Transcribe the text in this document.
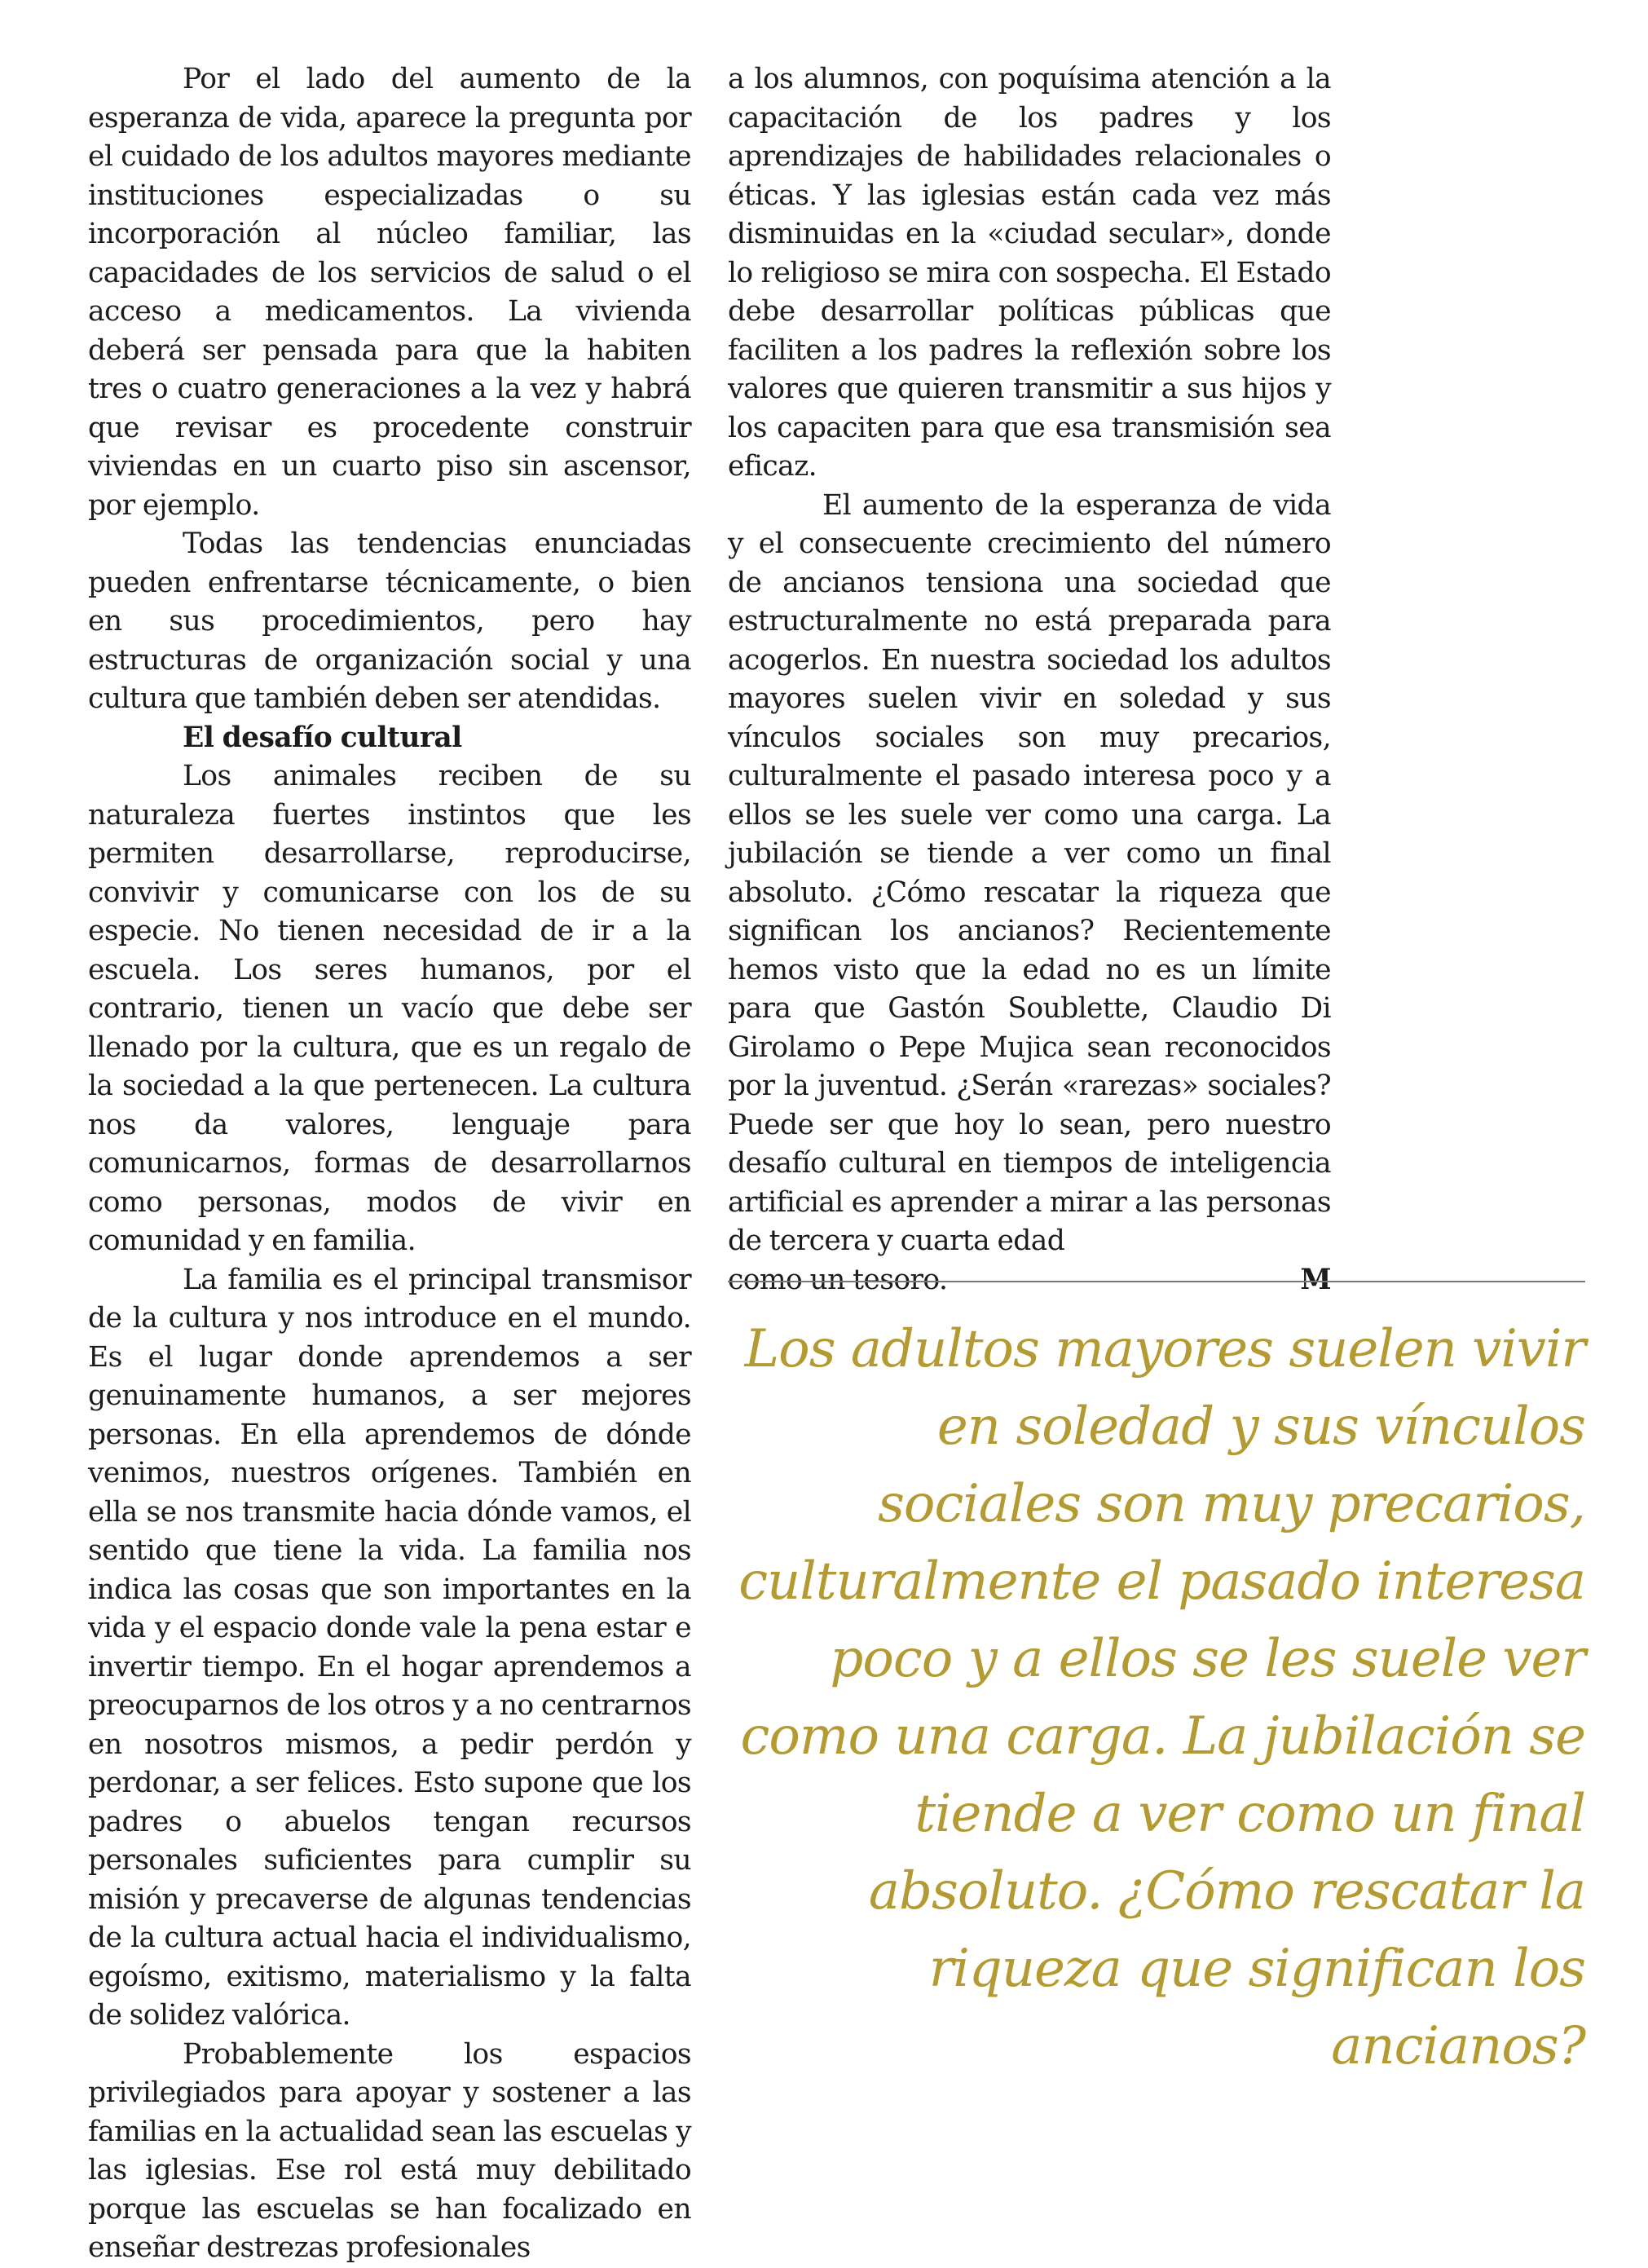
Por el lado del aumento de la esperanza de vida, aparece la pregunta por el cuidado de los adultos mayores mediante instituciones especializadas o su incorporación al núcleo familiar, las capacidades de los servicios de salud o el acceso a medicamentos. La vivienda deberá ser pensada para que la habiten tres o cuatro generaciones a la vez y habrá que revisar es procedente construir viviendas en un cuarto piso sin ascensor, por ejemplo.

Todas las tendencias enunciadas pueden enfrentarse técnicamente, o bien en sus procedimientos, pero hay estructuras de organización social y una cultura que también deben ser atendidas.

El desafío cultural

Los animales reciben de su naturaleza fuertes instintos que les permiten desarrollarse, reproducirse, convivir y comunicarse con los de su especie. No tienen necesidad de ir a la escuela. Los seres humanos, por el contrario, tienen un vacío que debe ser llenado por la cultura, que es un regalo de la sociedad a la que pertenecen. La cultura nos da valores, lenguaje para comunicarnos, formas de desarrollarnos como personas, modos de vivir en comunidad y en familia.

La familia es el principal transmisor de la cultura y nos introduce en el mundo. Es el lugar donde aprendemos a ser genuinamente humanos, a ser mejores personas. En ella aprendemos de dónde venimos, nuestros orígenes. También en ella se nos transmite hacia dónde vamos, el sentido que tiene la vida. La familia nos indica las cosas que son importantes en la vida y el espacio donde vale la pena estar e invertir tiempo. En el hogar aprendemos a preocuparnos de los otros y a no centrarnos en nosotros mismos, a pedir perdón y perdonar, a ser felices. Esto supone que los padres o abuelos tengan recursos personales suficientes para cumplir su misión y precaverse de algunas tendencias de la cultura actual hacia el individualismo, egoísmo, exitismo, materialismo y la falta de solidez valórica.

Probablemente los espacios privilegiados para apoyar y sostener a las familias en la actualidad sean las escuelas y las iglesias. Ese rol está muy debilitado porque las escuelas se han focalizado en enseñar destrezas profesionales

a los alumnos, con poquísima atención a la capacitación de los padres y los aprendizajes de habilidades relacionales o éticas. Y las iglesias están cada vez más disminuidas en la «ciudad secular», donde lo religioso se mira con sospecha. El Estado debe desarrollar políticas públicas que faciliten a los padres la reflexión sobre los valores que quieren transmitir a sus hijos y los capaciten para que esa transmisión sea eficaz.

El aumento de la esperanza de vida y el consecuente crecimiento del número de ancianos tensiona una sociedad que estructuralmente no está preparada para acogerlos. En nuestra sociedad los adultos mayores suelen vivir en soledad y sus vínculos sociales son muy precarios, culturalmente el pasado interesa poco y a ellos se les suele ver como una carga. La jubilación se tiende a ver como un final absoluto. ¿Cómo rescatar la riqueza que significan los ancianos? Recientemente hemos visto que la edad no es un límite para que Gastón Soublette, Claudio Di Girolamo o Pepe Mujica sean reconocidos por la juventud. ¿Serán «rarezas» sociales? Puede ser que hoy lo sean, pero nuestro desafío cultural en tiempos de inteligencia artificial es aprender a mirar a las personas de tercera y cuarta edad

como un tesoro.	M

Los adultos mayores suelen vivir en soledad y sus vínculos sociales son muy precarios, culturalmente el pasado interesa poco y a ellos se les suele ver como una carga. La jubilación se tiende a ver como un final absoluto. ¿Cómo rescatar la riqueza que significan los ancianos?
